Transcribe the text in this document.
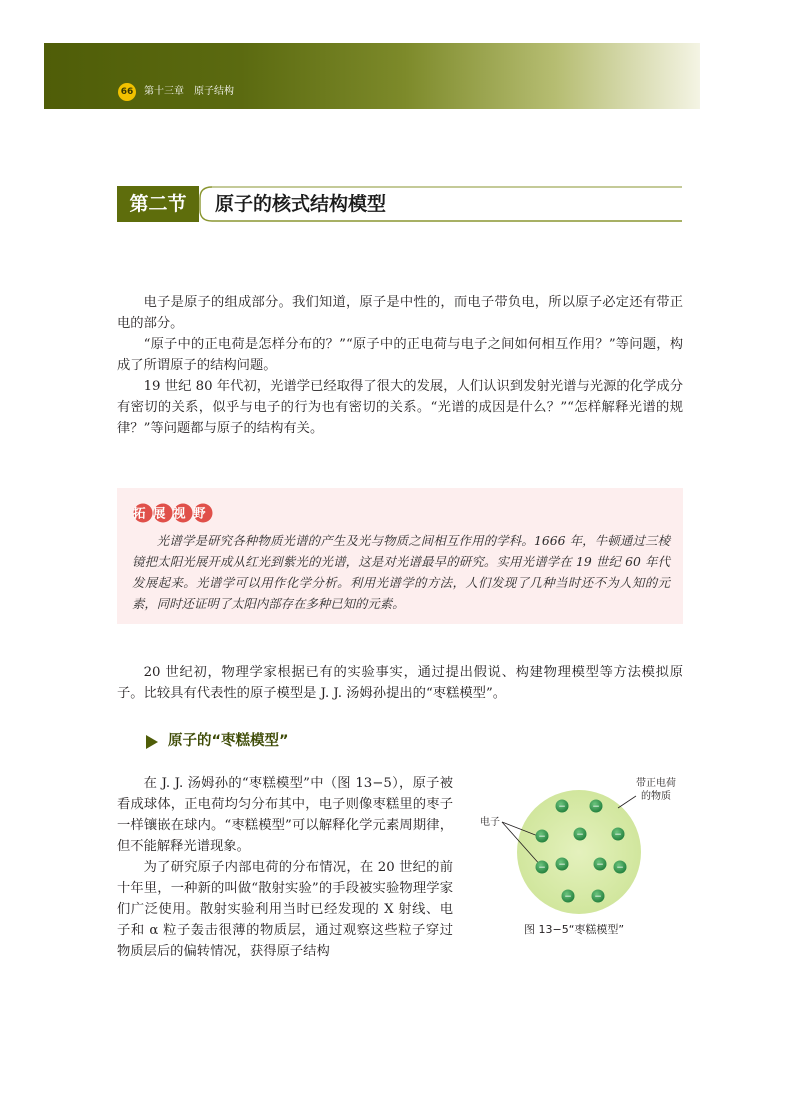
66 第十三章　原子结构
第二节	原子的核式结构模型

电子是原子的组成部分。我们知道，原子是中性的，而电子带负电，所以原子必定还有带正电的部分。

“原子中的正电荷是怎样分布的？”“原子中的正电荷与电子之间如何相互作用？”等问题，构成了所谓原子的结构问题。

19 世纪 80 年代初，光谱学已经取得了很大的发展，人们认识到发射光谱与光源的化学成分有密切的关系，似乎与电子的行为也有密切的关系。“光谱的成因是什么？”“怎样解释光谱的规律？”等问题都与原子的结构有关。

拓展视野

光谱学是研究各种物质光谱的产生及光与物质之间相互作用的学科。1666 年，牛顿通过三棱镜把太阳光展开成从红光到紫光的光谱，这是对光谱最早的研究。实用光谱学在 19 世纪 60 年代发展起来。光谱学可以用作化学分析。利用光谱学的方法，人们发现了几种当时还不为人知的元素，同时还证明了太阳内部存在多种已知的元素。

20 世纪初，物理学家根据已有的实验事实，通过提出假说、构建物理模型等方法模拟原子。比较具有代表性的原子模型是 J. J. 汤姆孙提出的“枣糕模型”。

原子的“枣糕模型”

在 J. J. 汤姆孙的“枣糕模型”中（图 13−5），原子被看成球体，正电荷均匀分布其中，电子则像枣糕里的枣子一样镶嵌在球内。“枣糕模型”可以解释化学元素周期律，但不能解释光谱现象。

为了研究原子内部电荷的分布情况，在 20 世纪的前十年里，一种新的叫做“散射实验”的手段被实验物理学家们广泛使用。散射实验利用当时已经发现的 X 射线、电子和 α 粒子轰击很薄的物质层，通过观察这些粒子穿过物质层后的偏转情况，获得原子结构

带正电荷
的物质
电子
−	−
−	−	−
−	−
−	−
− −
图 13−5“枣糕模型”
